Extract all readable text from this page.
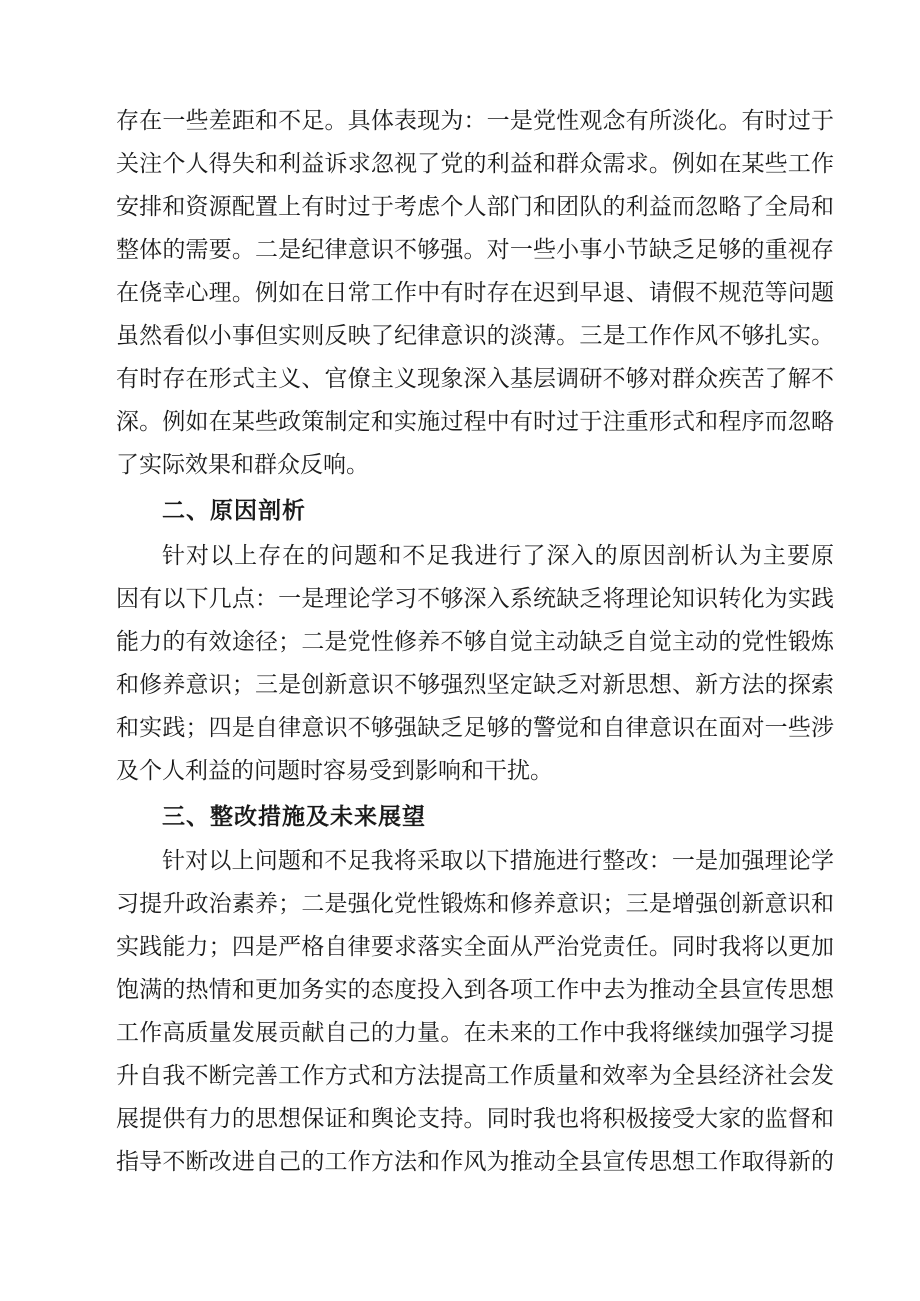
存在一些差距和不足。具体表现为：一是党性观念有所淡化。有时过于
关注个人得失和利益诉求忽视了党的利益和群众需求。例如在某些工作
安排和资源配置上有时过于考虑个人部门和团队的利益而忽略了全局和
整体的需要。二是纪律意识不够强。对一些小事小节缺乏足够的重视存
在侥幸心理。例如在日常工作中有时存在迟到早退、请假不规范等问题
虽然看似小事但实则反映了纪律意识的淡薄。三是工作作风不够扎实。
有时存在形式主义、官僚主义现象深入基层调研不够对群众疾苦了解不
深。例如在某些政策制定和实施过程中有时过于注重形式和程序而忽略
了实际效果和群众反响。
二、原因剖析
针对以上存在的问题和不足我进行了深入的原因剖析认为主要原
因有以下几点：一是理论学习不够深入系统缺乏将理论知识转化为实践
能力的有效途径；二是党性修养不够自觉主动缺乏自觉主动的党性锻炼
和修养意识；三是创新意识不够强烈坚定缺乏对新思想、新方法的探索
和实践；四是自律意识不够强缺乏足够的警觉和自律意识在面对一些涉
及个人利益的问题时容易受到影响和干扰。
三、整改措施及未来展望
针对以上问题和不足我将采取以下措施进行整改：一是加强理论学
习提升政治素养；二是强化党性锻炼和修养意识；三是增强创新意识和
实践能力；四是严格自律要求落实全面从严治党责任。同时我将以更加
饱满的热情和更加务实的态度投入到各项工作中去为推动全县宣传思想
工作高质量发展贡献自己的力量。在未来的工作中我将继续加强学习提
升自我不断完善工作方式和方法提高工作质量和效率为全县经济社会发
展提供有力的思想保证和舆论支持。同时我也将积极接受大家的监督和
指导不断改进自己的工作方法和作风为推动全县宣传思想工作取得新的
